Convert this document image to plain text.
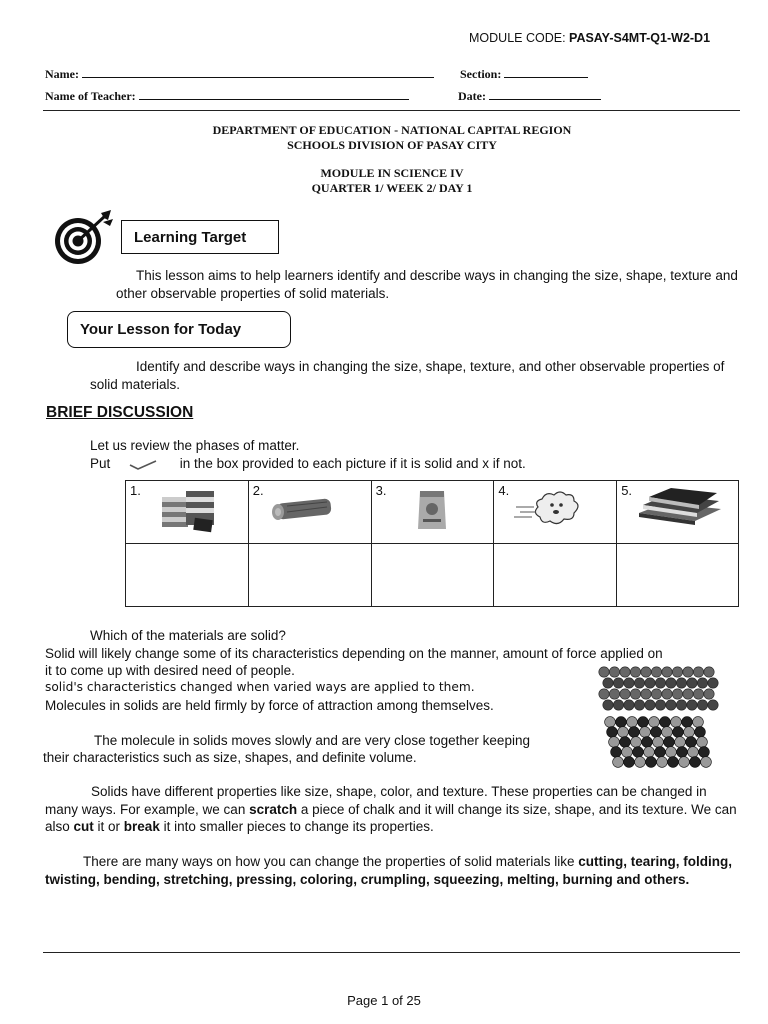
MODULE CODE: PASAY-S4MT-Q1-W2-D1
Name:	Section:
Name of Teacher:	Date:
DEPARTMENT OF EDUCATION - NATIONAL CAPITAL REGION
SCHOOLS DIVISION OF PASAY CITY
MODULE IN SCIENCE IV
QUARTER 1/ WEEK 2/ DAY 1
Learning Target

This lesson aims to help learners identify and describe ways in changing the size, shape, texture and other observable properties of solid materials.

Your Lesson for Today

Identify and describe ways in changing the size, shape, texture, and other observable properties of solid materials.

BRIEF DISCUSSION

Let us review the phases of matter.

Put	in the box provided to each picture if it is solid and x if not.
1.	2.	3.	4.	5.

Which of the materials are solid?

Solid will likely change some of its characteristics depending on the manner, amount of force applied on

it to come up with desired need of people.

solid's characteristics changed when varied ways are applied to them.

Molecules in solids are held firmly by force of attraction among themselves.

The molecule in solids moves slowly and are very close together keeping

their characteristics such as size, shapes, and definite volume.

Solids have different properties like size, shape, color, and texture. These properties can be changed in many ways. For example, we can scratch a piece of chalk and it will change its size, shape, and its texture. We can also cut it or break it into smaller pieces to change its properties.

There are many ways on how you can change the properties of solid materials like cutting, tearing, folding, twisting, bending, stretching, pressing, coloring, crumpling, squeezing, melting, burning and others.

Page 1 of 25
